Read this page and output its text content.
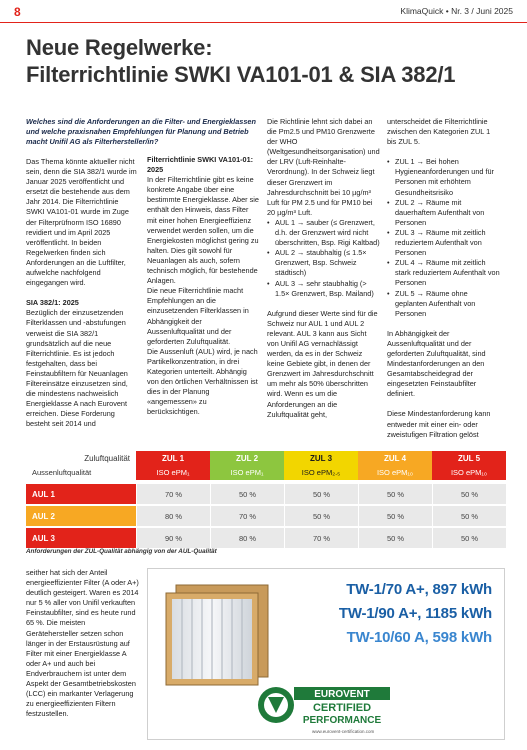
8	KlimaQuick • Nr. 3 / Juni 2025
Neue Regelwerke:
Filterrichtlinie SWKI VA101-01 & SIA 382/1
Welches sind die Anforderungen an die Filter- und Energieklassen und welche praxisnahen Empfehlungen für Planung und Betrieb macht Unifil AG als Filterhersteller/in?

Das Thema könnte aktueller nicht sein, denn die SIA 382/1 wurde im Januar 2025 veröffentlicht und ersetzt die bestehende aus dem Jahr 2014. Die Filterrichtlinie SWKI VA101-01 wurde im Zuge der Filterprüfnorm ISO 16890 revidiert und im April 2025 veröffentlicht. In beiden Regelwerken finden sich Anforderungen an die Luftfilter, aufwelche nachfolgend eingegangen wird.

SIA 382/1: 2025

Bezüglich der einzusetzenden Filterklassen und -abstufungen verweist die SIA 382/1 grundsätzlich auf die neue Filterrichtlinie. Es ist jedoch festgehalten, dass bei Feinstaubfiltern für Neuanlagen Filtereinsätze einzusetzen sind, die mindestens nachweislich Energieklasse A nach Eurovent erreichen. Diese Forderung besteht seit 2014 und

Filterrichtlinie SWKI VA101-01: 2025

In der Filterrichtlinie gibt es keine konkrete Angabe über eine bestimmte Energieklasse. Aber sie enthält den Hinweis, dass Filter mit einer hohen Energieeffizienz verwendet werden sollen, um die Energiekosten möglichst gering zu halten. Dies gilt sowohl für Neuanlagen als auch, sofern technisch möglich, für bestehende Anlagen.

Die neue Filterrichtlinie macht Empfehlungen an die einzusetzenden Filterklassen in Abhängigkeit der Aussenluftqualität und der geforderten Zuluftqualität.

Die Aussenluft (AUL) wird, je nach Partikelkonzentration, in drei Kategorien unterteilt. Abhängig von den örtlichen Verhältnissen ist dies in der Planung «angemessen» zu berücksichtigen.

Die Richtlinie lehnt sich dabei an die Pm2.5 und PM10 Grenzwerte der WHO (Weltgesundheitsorganisation) und der LRV (Luft-Reinhalte-Verordnung). In der Schweiz liegt dieser Grenzwert im Jahresdurchschnitt bei 10 µg/m³ Luft für PM 2.5 und für PM10 bei 20 µg/m³ Luft.

• AUL 1 → sauber (≤ Grenzwert, d.h. der Grenzwert wird nicht überschritten, Bsp. Rigi Kaltbad)
• AUL 2 → staubhaltig (≤ 1.5× Grenzwert, Bsp. Schweiz städtisch)
• AUL 3 → sehr staubhaltig (> 1.5× Grenzwert, Bsp. Mailand)

Aufgrund dieser Werte sind für die Schweiz nur AUL 1 und AUL 2 relevant. AUL 3 kann aus Sicht von Unifil AG vernachlässigt werden, da es in der Schweiz keine Gebiete gibt, in denen der Grenzwert im Jahresdurchschnitt um mehr als 50% überschritten wird. Wenn es um die Anforderungen an die Zuluftqualität geht,

unterscheidet die Filterrichtlinie zwischen den Kategorien ZUL 1 bis ZUL 5.

• ZUL 1 → Bei hohen Hygieneanforderungen und für Personen mit erhöhtem Gesundheitsrisiko
• ZUL 2 → Räume mit dauerhaftem Aufenthalt von Personen
• ZUL 3 → Räume mit zeitlich reduziertem Aufenthalt von Personen
• ZUL 4 → Räume mit zeitlich stark reduziertem Aufenthalt von Personen
• ZUL 5 → Räume ohne geplanten Aufenthalt von Personen

In Abhängigkeit der Aussenluftqualität und der geforderten Zuluftqualität, sind Mindestanforderungen an den Gesamtabscheidegrad der eingesetzten Feinstaubfilter definiert.

Diese Mindestanforderung kann entweder mit einer ein- oder zweistufigen Filtration gelöst

Zuluftqualität	ZUL 1	ZUL 2	ZUL 3	ZUL 4	ZUL 5
Aussenluftqualität	ISO ePM₁	ISO ePM₁	ISO ePM₂.₅	ISO ePM₁₀	ISO ePM₁₀
AUL 1	70 %	50 %	50 %	50 %	50 %
AUL 2	80 %	70 %	50 %	50 %	50 %
AUL 3	90 %	80 %	70 %	50 %	50 %
Anforderungen der ZUL-Qualität abhängig von der AUL-Qualität
seither hat sich der Anteil energieeffizienter Filter (A oder A+) deutlich gesteigert. Waren es 2014 nur 5 % aller von Unifil verkauften Feinstaubfilter, sind es heute rund 65 %. Die meisten Gerätehersteller setzen schon länger in der Erstausrüstung auf Filter mit einer Energieklasse A oder A+ und auch bei Endverbrauchern ist unter dem Aspekt der Gesamtbetriebskosten (LCC) ein markanter Verlagerung zu energieeffizienten Filtern festzustellen.
TW-1/70 A+, 897 kWh
TW-1/90 A+, 1185 kWh
TW-10/60 A, 598 kWh
EUROVENT
CERTIFIED
PERFORMANCE
www.eurovent-certification.com
